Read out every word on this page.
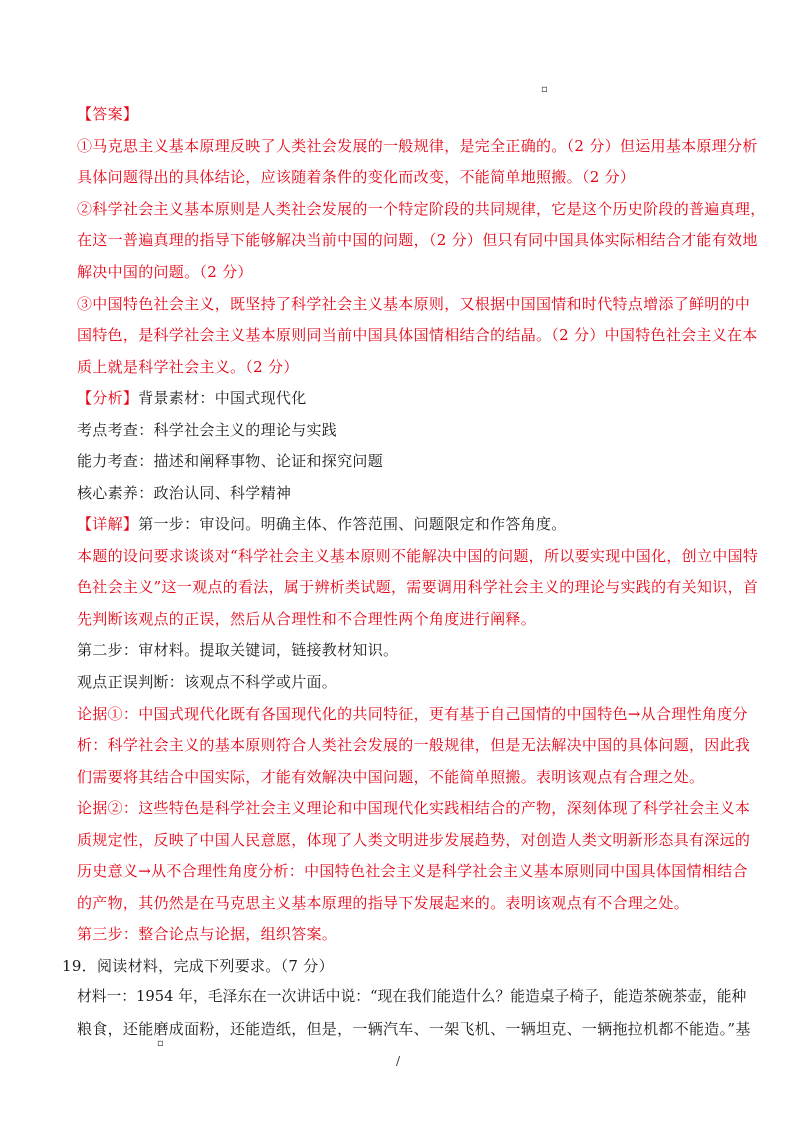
▫
【答案】
①马克思主义基本原理反映了人类社会发展的一般规律，是完全正确的。（2 分）但运用基本原理分析
具体问题得出的具体结论，应该随着条件的变化而改变，不能简单地照搬。（2 分）
②科学社会主义基本原则是人类社会发展的一个特定阶段的共同规律，它是这个历史阶段的普遍真理，
在这一普遍真理的指导下能够解决当前中国的问题，（2 分）但只有同中国具体实际相结合才能有效地
解决中国的问题。（2 分）
③中国特色社会主义，既坚持了科学社会主义基本原则，又根据中国国情和时代特点增添了鲜明的中
国特色，是科学社会主义基本原则同当前中国具体国情相结合的结晶。（2 分）中国特色社会主义在本
质上就是科学社会主义。（2 分）
【分析】背景素材：中国式现代化
考点考查：科学社会主义的理论与实践
能力考查：描述和阐释事物、论证和探究问题
核心素养：政治认同、科学精神
【详解】第一步：审设问。明确主体、作答范围、问题限定和作答角度。
本题的设问要求谈谈对“科学社会主义基本原则不能解决中国的问题，所以要实现中国化，创立中国特
色社会主义”这一观点的看法，属于辨析类试题，需要调用科学社会主义的理论与实践的有关知识，首
先判断该观点的正误，然后从合理性和不合理性两个角度进行阐释。
第二步：审材料。提取关键词，链接教材知识。
观点正误判断：该观点不科学或片面。
论据①：中国式现代化既有各国现代化的共同特征，更有基于自己国情的中国特色→从合理性角度分
析：科学社会主义的基本原则符合人类社会发展的一般规律，但是无法解决中国的具体问题，因此我
们需要将其结合中国实际，才能有效解决中国问题，不能简单照搬。表明该观点有合理之处。
论据②：这些特色是科学社会主义理论和中国现代化实践相结合的产物，深刻体现了科学社会主义本
质规定性，反映了中国人民意愿，体现了人类文明进步发展趋势，对创造人类文明新形态具有深远的
历史意义→从不合理性角度分析：中国特色社会主义是科学社会主义基本原则同中国具体国情相结合
的产物，其仍然是在马克思主义基本原理的指导下发展起来的。表明该观点有不合理之处。
第三步：整合论点与论据，组织答案。
19．阅读材料，完成下列要求。（7 分）
材料一：1954 年，毛泽东在一次讲话中说：“现在我们能造什么？能造桌子椅子，能造茶碗茶壶，能种
粮食，还能磨成面粉，还能造纸，但是，一辆汽车、一架飞机、一辆坦克、一辆拖拉机都不能造。”基
▫
/
